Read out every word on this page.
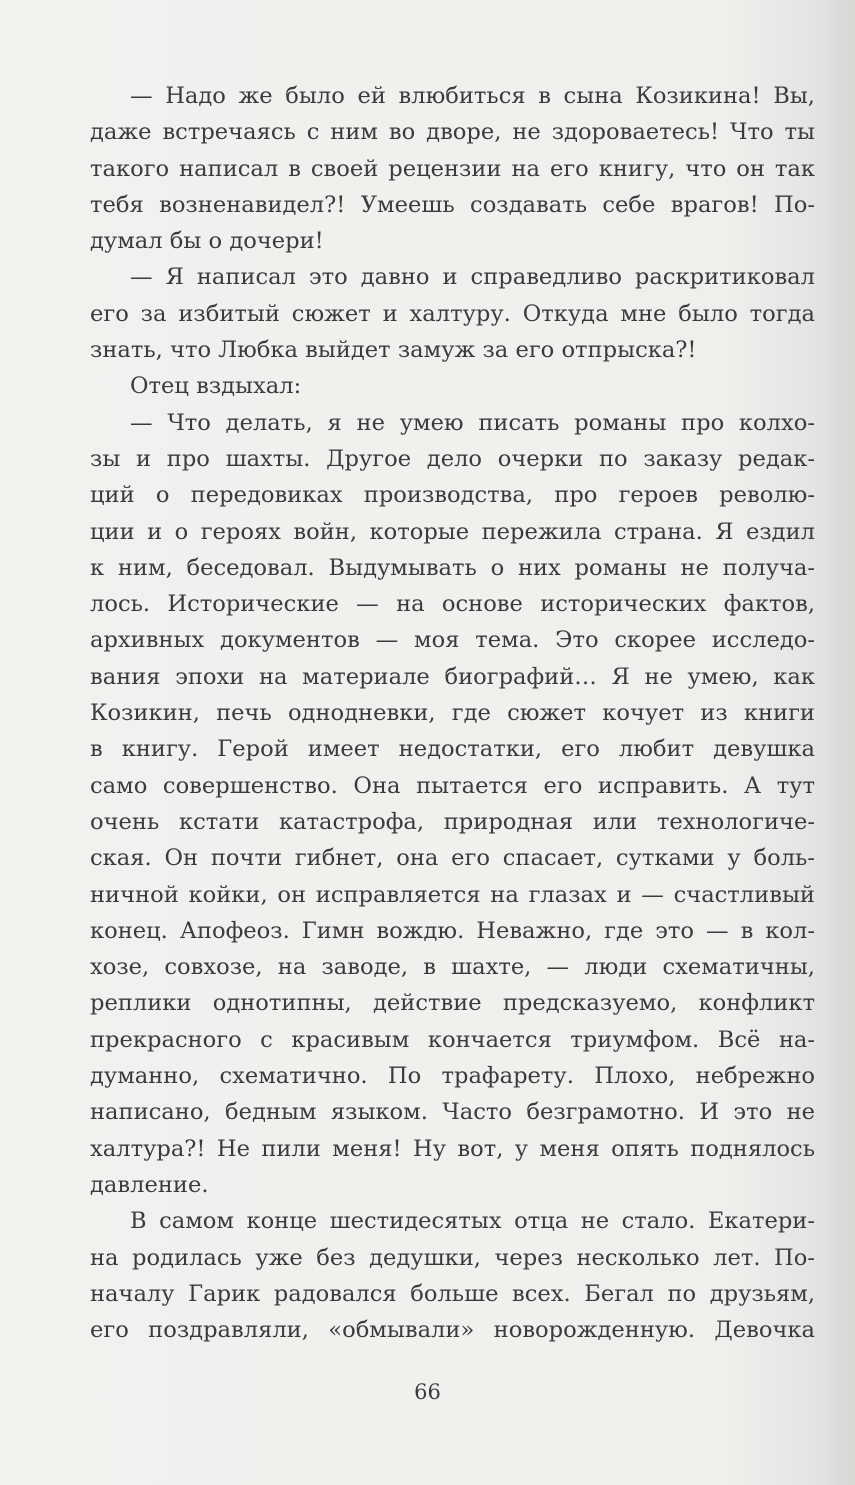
— Надо же было ей влюбиться в сына Козикина! Вы,
даже встречаясь с ним во дворе, не здороваетесь! Что ты
такого написал в своей рецензии на его книгу, что он так
тебя возненавидел?! Умеешь создавать себе врагов! По-
думал бы о дочери!
— Я написал это давно и справедливо раскритиковал
его за избитый сюжет и халтуру. Откуда мне было тогда
знать, что Любка выйдет замуж за его отпрыска?!
Отец вздыхал:
— Что делать, я не умею писать романы про колхо-
зы и про шахты. Другое дело очерки по заказу редак-
ций о передовиках производства, про героев револю-
ции и о героях войн, которые пережила страна. Я ездил
к ним, беседовал. Выдумывать о них романы не получа-
лось. Исторические — на основе исторических фактов,
архивных документов — моя тема. Это скорее исследо-
вания эпохи на материале биографий… Я не умею, как
Козикин, печь однодневки, где сюжет кочует из книги
в книгу. Герой имеет недостатки, его любит девушка
само совершенство. Она пытается его исправить. А тут
очень кстати катастрофа, природная или технологиче-
ская. Он почти гибнет, она его спасает, сутками у боль-
ничной койки, он исправляется на глазах и — счастливый
конец. Апофеоз. Гимн вождю. Неважно, где это — в кол-
хозе, совхозе, на заводе, в шахте, — люди схематичны,
реплики однотипны, действие предсказуемо, конфликт
прекрасного с красивым кончается триумфом. Всё на-
думанно, схематично. По трафарету. Плохо, небрежно
написано, бедным языком. Часто безграмотно. И это не
халтура?! Не пили меня! Ну вот, у меня опять поднялось
давление.
В самом конце шестидесятых отца не стало. Екатери-
на родилась уже без дедушки, через несколько лет. По-
началу Гарик радовался больше всех. Бегал по друзьям,
его поздравляли, «обмывали» новорожденную. Девочка
66
